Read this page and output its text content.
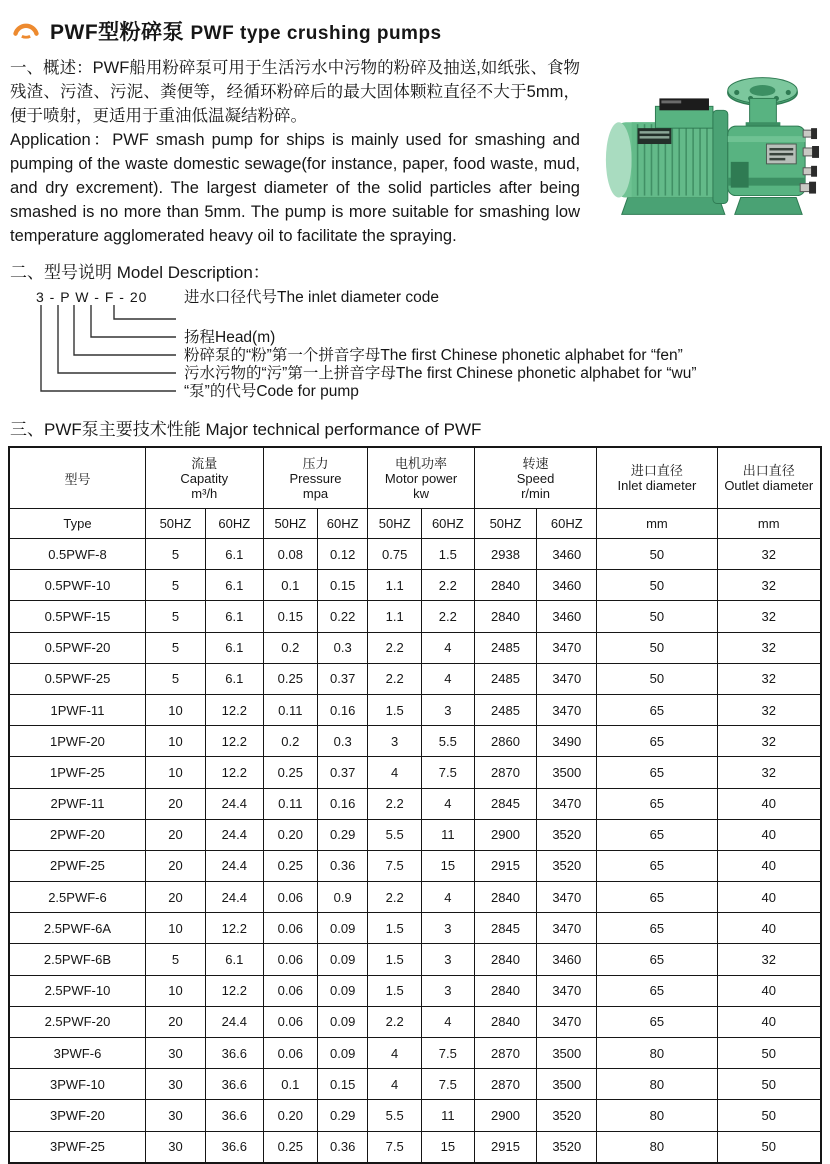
PWF型粉碎泵 PWF type crushing pumps

一、概述：PWF船用粉碎泵可用于生活污水中污物的粉碎及抽送,如纸张、食物残渣、污渣、污泥、粪便等，经循环粉碎后的最大固体颗粒直径不大于5mm，便于喷射，更适用于重油低温凝结粉碎。

Application：PWF smash pump for ships is mainly used for smashing and pumping of the waste domestic sewage(for instance, paper, food waste, mud, and dry excrement). The largest diameter of the solid particles after being smashed is no more than 5mm. The pump is more suitable for smashing low temperature agglomerated heavy oil to facilitate the spraying.

二、型号说明 Model Description：
3 - P W - F - 20
扬程Head(m)
粉碎泵的“粉”第一个拼音字母The first Chinese phonetic alphabet for “fen”
污水污物的“污”第一上拼音字母The first Chinese phonetic alphabet for “wu”
“泵”的代号Code for pump
进水口径代号The inlet diameter code
三、PWF泵主要技术性能 Major technical performance of PWF
型号	
流量
Capatity
m³/h

压力
Pressure
mpa

电机功率
Motor power
kw

转速
Speed
r/min

进口直径
Inlet diameter

出口直径
Outlet diameter

Type	50HZ	60HZ	50HZ	60HZ	50HZ	60HZ	50HZ	60HZ	mm	mm
0.5PWF-8	5	6.1	0.08	0.12	0.75	1.5	2938	3460	50	32
0.5PWF-10	5	6.1	0.1	0.15	1.1	2.2	2840	3460	50	32
0.5PWF-15	5	6.1	0.15	0.22	1.1	2.2	2840	3460	50	32
0.5PWF-20	5	6.1	0.2	0.3	2.2	4	2485	3470	50	32
0.5PWF-25	5	6.1	0.25	0.37	2.2	4	2485	3470	50	32
1PWF-11	10	12.2	0.11	0.16	1.5	3	2485	3470	65	32
1PWF-20	10	12.2	0.2	0.3	3	5.5	2860	3490	65	32
1PWF-25	10	12.2	0.25	0.37	4	7.5	2870	3500	65	32
2PWF-11	20	24.4	0.11	0.16	2.2	4	2845	3470	65	40
2PWF-20	20	24.4	0.20	0.29	5.5	11	2900	3520	65	40
2PWF-25	20	24.4	0.25	0.36	7.5	15	2915	3520	65	40
2.5PWF-6	20	24.4	0.06	0.9	2.2	4	2840	3470	65	40
2.5PWF-6A	10	12.2	0.06	0.09	1.5	3	2845	3470	65	40
2.5PWF-6B	5	6.1	0.06	0.09	1.5	3	2840	3460	65	32
2.5PWF-10	10	12.2	0.06	0.09	1.5	3	2840	3470	65	40
2.5PWF-20	20	24.4	0.06	0.09	2.2	4	2840	3470	65	40
3PWF-6	30	36.6	0.06	0.09	4	7.5	2870	3500	80	50
3PWF-10	30	36.6	0.1	0.15	4	7.5	2870	3500	80	50
3PWF-20	30	36.6	0.20	0.29	5.5	11	2900	3520	80	50
3PWF-25	30	36.6	0.25	0.36	7.5	15	2915	3520	80	50
